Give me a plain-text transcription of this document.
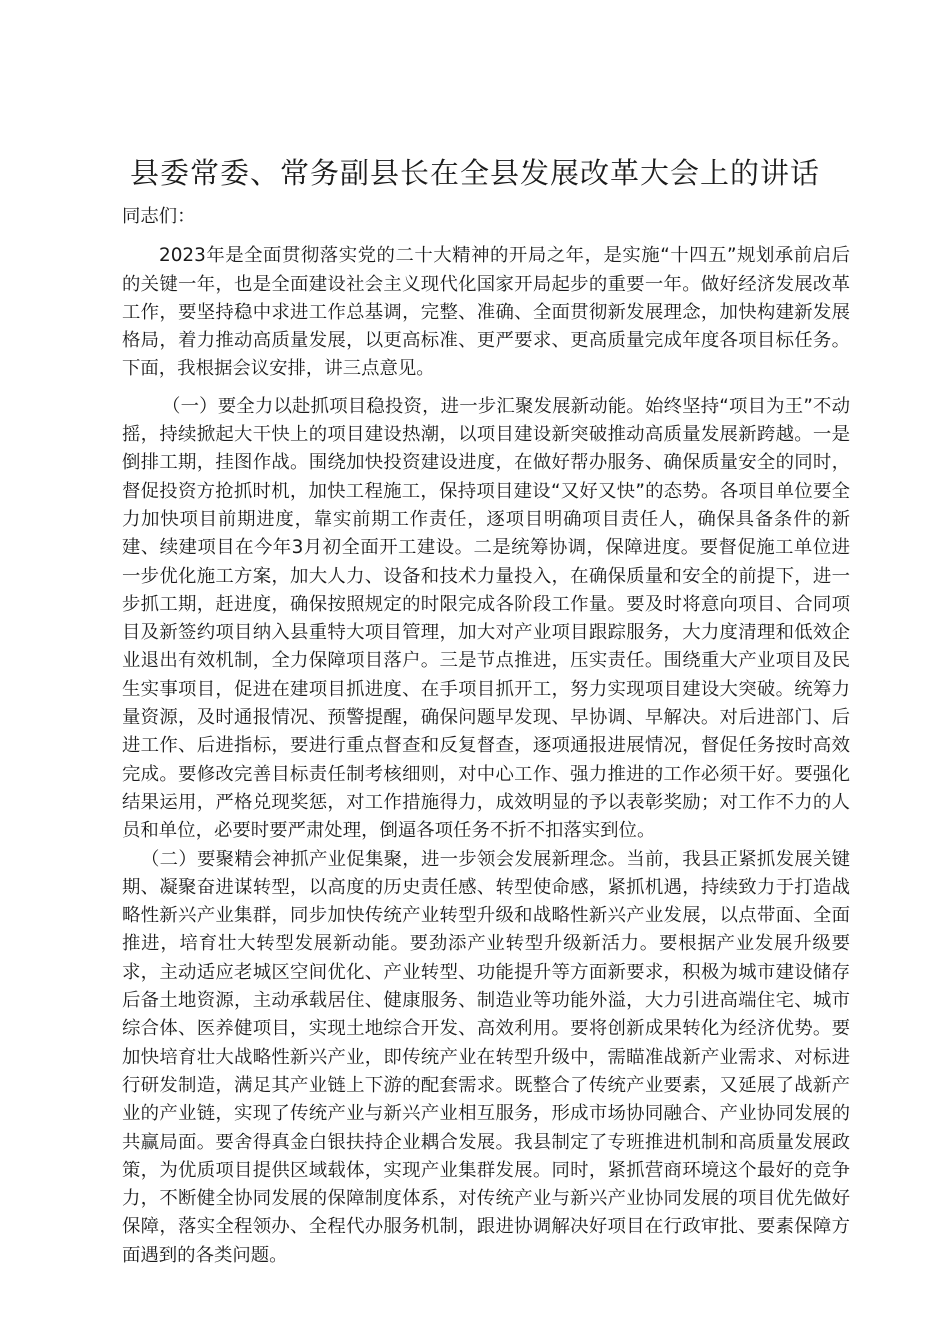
县委常委、常务副县长在全县发展改革大会上的讲话

同志们：

2023年是全面贯彻落实党的二十大精神的开局之年，是实施“十四五”规划承前启后的关键一年，也是全面建设社会主义现代化国家开局起步的重要一年。做好经济发展改革工作，要坚持稳中求进工作总基调，完整、准确、全面贯彻新发展理念，加快构建新发展格局，着力推动高质量发展，以更高标准、更严要求、更高质量完成年度各项目标任务。下面，我根据会议安排，讲三点意见。

（一）要全力以赴抓项目稳投资，进一步汇聚发展新动能。始终坚持“项目为王”不动摇，持续掀起大干快上的项目建设热潮，以项目建设新突破推动高质量发展新跨越。一是倒排工期，挂图作战。围绕加快投资建设进度，在做好帮办服务、确保质量安全的同时，督促投资方抢抓时机，加快工程施工，保持项目建设“又好又快”的态势。各项目单位要全力加快项目前期进度，靠实前期工作责任，逐项目明确项目责任人，确保具备条件的新建、续建项目在今年3月初全面开工建设。二是统筹协调，保障进度。要督促施工单位进一步优化施工方案，加大人力、设备和技术力量投入，在确保质量和安全的前提下，进一步抓工期，赶进度，确保按照规定的时限完成各阶段工作量。要及时将意向项目、合同项目及新签约项目纳入县重特大项目管理，加大对产业项目跟踪服务，大力度清理和低效企业退出有效机制，全力保障项目落户。三是节点推进，压实责任。围绕重大产业项目及民生实事项目，促进在建项目抓进度、在手项目抓开工，努力实现项目建设大突破。统筹力量资源，及时通报情况、预警提醒，确保问题早发现、早协调、早解决。对后进部门、后进工作、后进指标，要进行重点督查和反复督查，逐项通报进展情况，督促任务按时高效完成。要修改完善目标责任制考核细则，对中心工作、强力推进的工作必须干好。要强化结果运用，严格兑现奖惩，对工作措施得力，成效明显的予以表彰奖励；对工作不力的人员和单位，必要时要严肃处理，倒逼各项任务不折不扣落实到位。

（二）要聚精会神抓产业促集聚，进一步领会发展新理念。当前，我县正紧抓发展关键期、凝聚奋进谋转型，以高度的历史责任感、转型使命感，紧抓机遇，持续致力于打造战略性新兴产业集群，同步加快传统产业转型升级和战略性新兴产业发展，以点带面、全面推进，培育壮大转型发展新动能。要劲添产业转型升级新活力。要根据产业发展升级要求，主动适应老城区空间优化、产业转型、功能提升等方面新要求，积极为城市建设储存后备土地资源，主动承载居住、健康服务、制造业等功能外溢，大力引进高端住宅、城市综合体、医养健项目，实现土地综合开发、高效利用。要将创新成果转化为经济优势。要加快培育壮大战略性新兴产业，即传统产业在转型升级中，需瞄准战新产业需求、对标进行研发制造，满足其产业链上下游的配套需求。既整合了传统产业要素，又延展了战新产业的产业链，实现了传统产业与新兴产业相互服务，形成市场协同融合、产业协同发展的共赢局面。要舍得真金白银扶持企业耦合发展。我县制定了专班推进机制和高质量发展政策，为优质项目提供区域载体，实现产业集群发展。同时，紧抓营商环境这个最好的竞争力，不断健全协同发展的保障制度体系，对传统产业与新兴产业协同发展的项目优先做好保障，落实全程领办、全程代办服务机制，跟进协调解决好项目在行政审批、要素保障方面遇到的各类问题。
